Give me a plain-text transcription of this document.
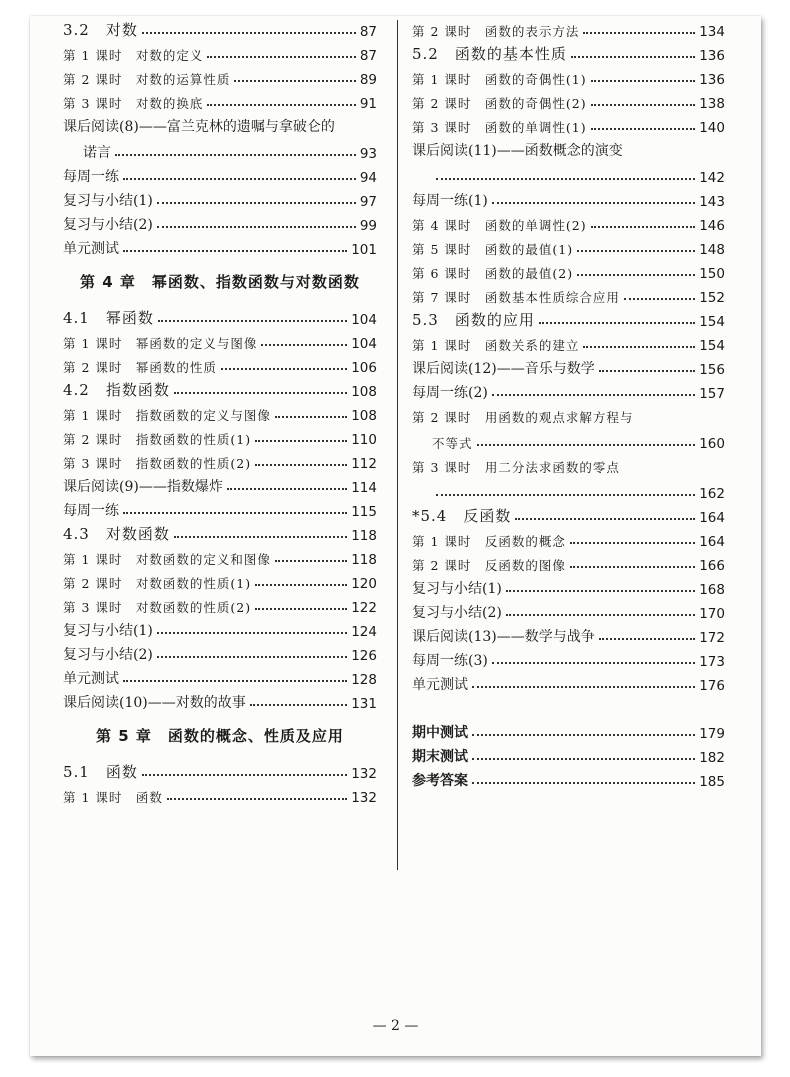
3.2　对数	87
第 1 课时　对数的定义	87
第 2 课时　对数的运算性质	89
第 3 课时　对数的换底	91
课后阅读(8)——富兰克林的遗嘱与拿破仑的
诺言	93
每周一练	94
复习与小结(1)	97
复习与小结(2)	99
单元测试	101
第 4 章　幂函数、指数函数与对数函数
4.1　幂函数	104
第 1 课时　幂函数的定义与图像	104
第 2 课时　幂函数的性质	106
4.2　指数函数	108
第 1 课时　指数函数的定义与图像	108
第 2 课时　指数函数的性质(1)	110
第 3 课时　指数函数的性质(2)	112
课后阅读(9)——指数爆炸	114
每周一练	115
4.3　对数函数	118
第 1 课时　对数函数的定义和图像	118
第 2 课时　对数函数的性质(1)	120
第 3 课时　对数函数的性质(2)	122
复习与小结(1)	124
复习与小结(2)	126
单元测试	128
课后阅读(10)——对数的故事	131
第 5 章　函数的概念、性质及应用
5.1　函数	132
第 1 课时　函数	132
第 2 课时　函数的表示方法	134
5.2　函数的基本性质	136
第 1 课时　函数的奇偶性(1)	136
第 2 课时　函数的奇偶性(2)	138
第 3 课时　函数的单调性(1)	140
课后阅读(11)——函数概念的演变
142
每周一练(1)	143
第 4 课时　函数的单调性(2)	146
第 5 课时　函数的最值(1)	148
第 6 课时　函数的最值(2)	150
第 7 课时　函数基本性质综合应用	152
5.3　函数的应用	154
第 1 课时　函数关系的建立	154
课后阅读(12)——音乐与数学	156
每周一练(2)	157
第 2 课时　用函数的观点求解方程与
不等式	160
第 3 课时　用二分法求函数的零点
162
*5.4　反函数	164
第 1 课时　反函数的概念	164
第 2 课时　反函数的图像	166
复习与小结(1)	168
复习与小结(2)	170
课后阅读(13)——数学与战争	172
每周一练(3)	173
单元测试	176
期中测试	179
期末测试	182
参考答案	185
— 2 —
